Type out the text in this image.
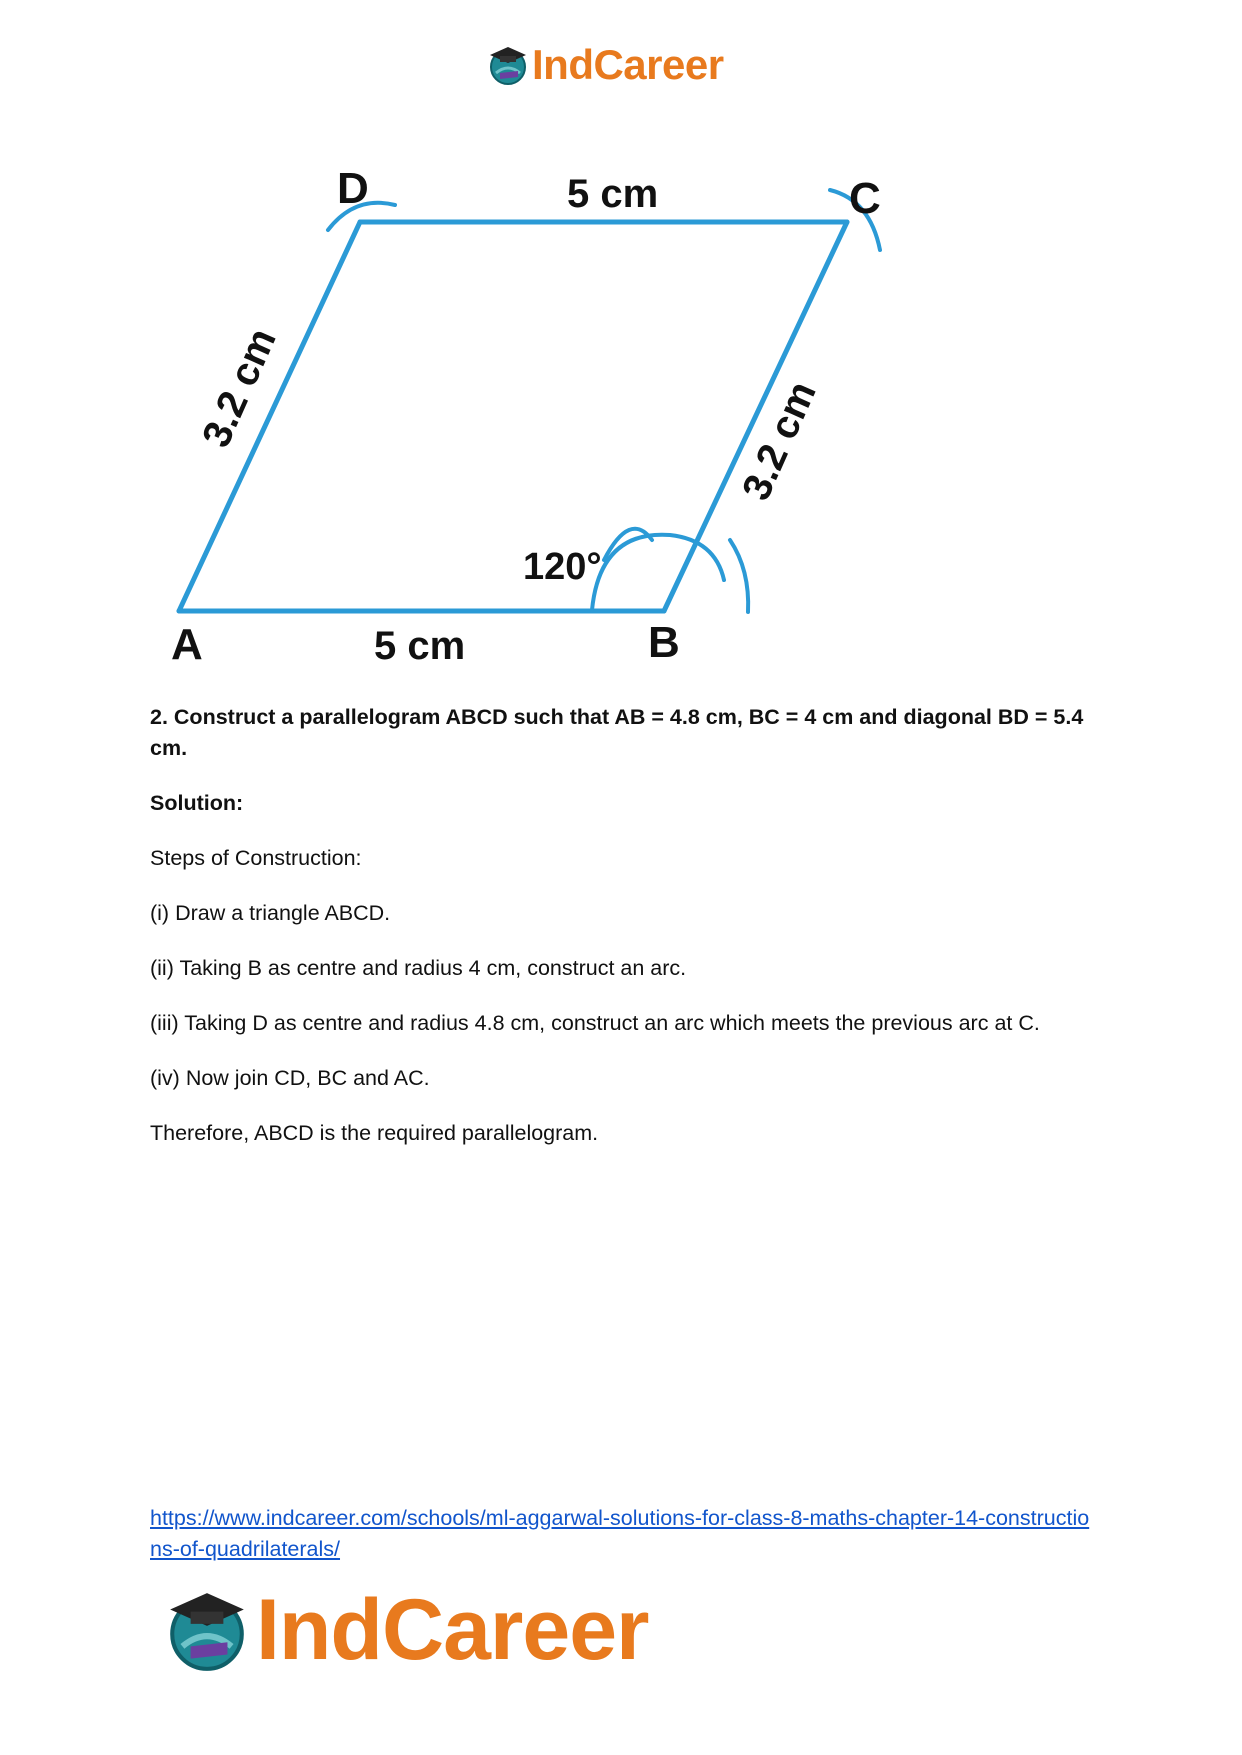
IndCareer
D	C
A	B
5 cm
5 cm
3.2 cm	3.2 cm
120°

2. Construct a parallelogram ABCD such that AB = 4.8 cm, BC = 4 cm and diagonal BD = 5.4 cm.

Solution:

Steps of Construction:

(i) Draw a triangle ABCD.

(ii) Taking B as centre and radius 4 cm, construct an arc.

(iii) Taking D as centre and radius 4.8 cm, construct an arc which meets the previous arc at C.

(iv) Now join CD, BC and AC.

Therefore, ABCD is the required parallelogram.

https://www.indcareer.com/schools/ml-aggarwal-solutions-for-class-8-maths-chapter-14-constructions-of-quadrilaterals/
IndCareer
